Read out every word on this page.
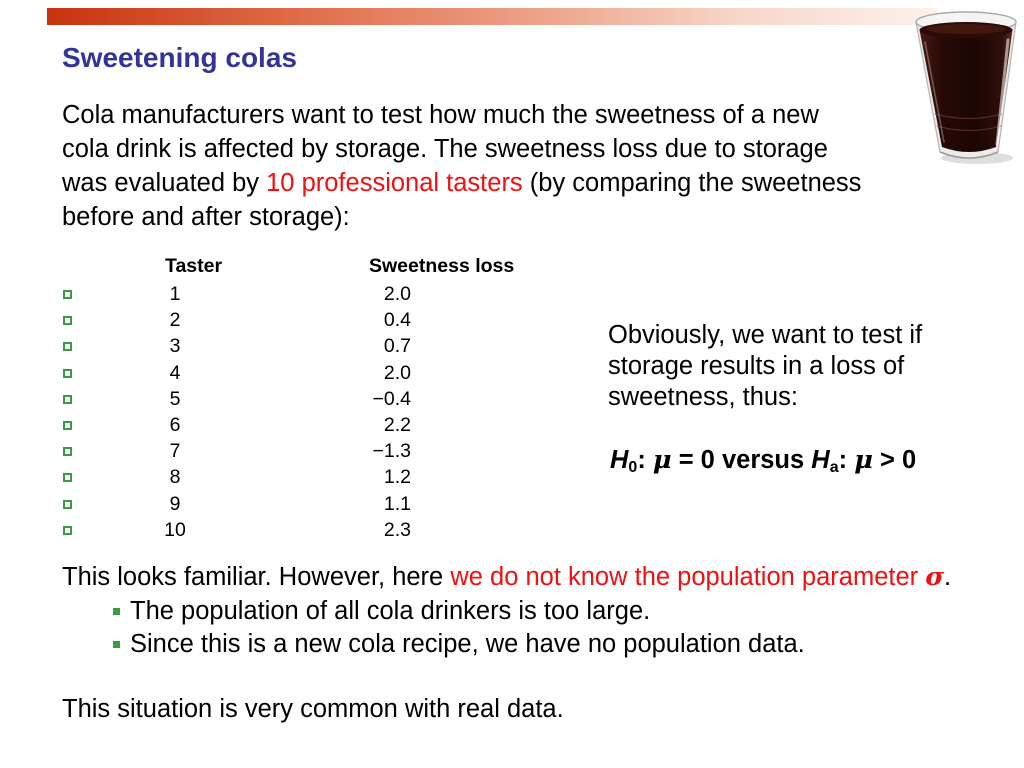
Sweetening colas
Cola manufacturers want to test how much the sweetness of a new
cola drink is affected by storage. The sweetness loss due to storage
was evaluated by 10 professional tasters (by comparing the sweetness
before and after storage):
Taster	Sweetness loss
1	2.0
2	0.4
3	0.7
4	2.0
5	−0.4
6	2.2
7	−1.3
8	1.2
9	1.1
10	2.3
Obviously, we want to test if
storage results in a loss of
sweetness, thus:
$H_0$: μ = 0 versus $H_a$: μ > 0
This looks familiar. However, here we do not know the population parameter σ.
The population of all cola drinkers is too large.
Since this is a new cola recipe, we have no population data.
This situation is very common with real data.
